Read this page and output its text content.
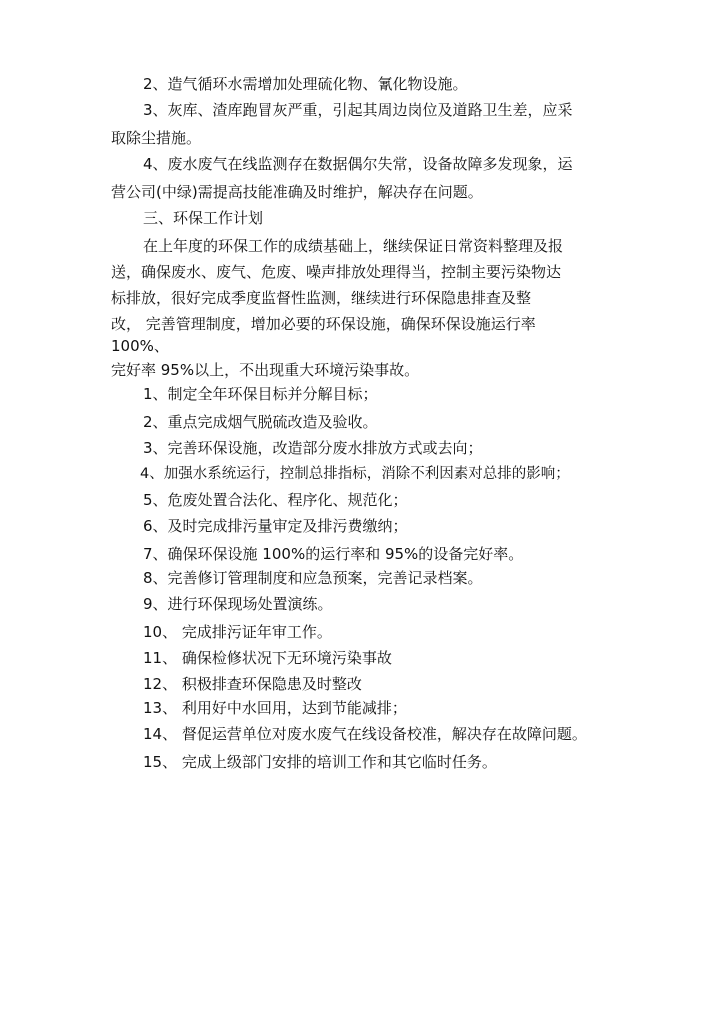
2、造气循环水需增加处理硫化物、氰化物设施。
3、灰库、渣库跑冒灰严重，引起其周边岗位及道路卫生差，应采
取除尘措施。
4、废水废气在线监测存在数据偶尔失常，设备故障多发现象，运
营公司(中绿)需提高技能准确及时维护，解决存在问题。
三、环保工作计划
在上年度的环保工作的成绩基础上，继续保证日常资料整理及报
送，确保废水、废气、危废、噪声排放处理得当，控制主要污染物达
标排放，很好完成季度监督性监测，继续进行环保隐患排查及整
改， 完善管理制度，增加必要的环保设施，确保环保设施运行率
100%、
完好率 95%以上，不出现重大环境污染事故。
1、制定全年环保目标并分解目标；
2、重点完成烟气脱硫改造及验收。
3、完善环保设施，改造部分废水排放方式或去向；
4、加强水系统运行，控制总排指标，消除不利因素对总排的影响；
5、危废处置合法化、程序化、规范化；
6、及时完成排污量审定及排污费缴纳；
7、确保环保设施 100%的运行率和 95%的设备完好率。
8、完善修订管理制度和应急预案，完善记录档案。
9、进行环保现场处置演练。
10、 完成排污证年审工作。
11、 确保检修状况下无环境污染事故
12、 积极排查环保隐患及时整改
13、 利用好中水回用，达到节能减排；
14、 督促运营单位对废水废气在线设备校准，解决存在故障问题。
15、 完成上级部门安排的培训工作和其它临时任务。
